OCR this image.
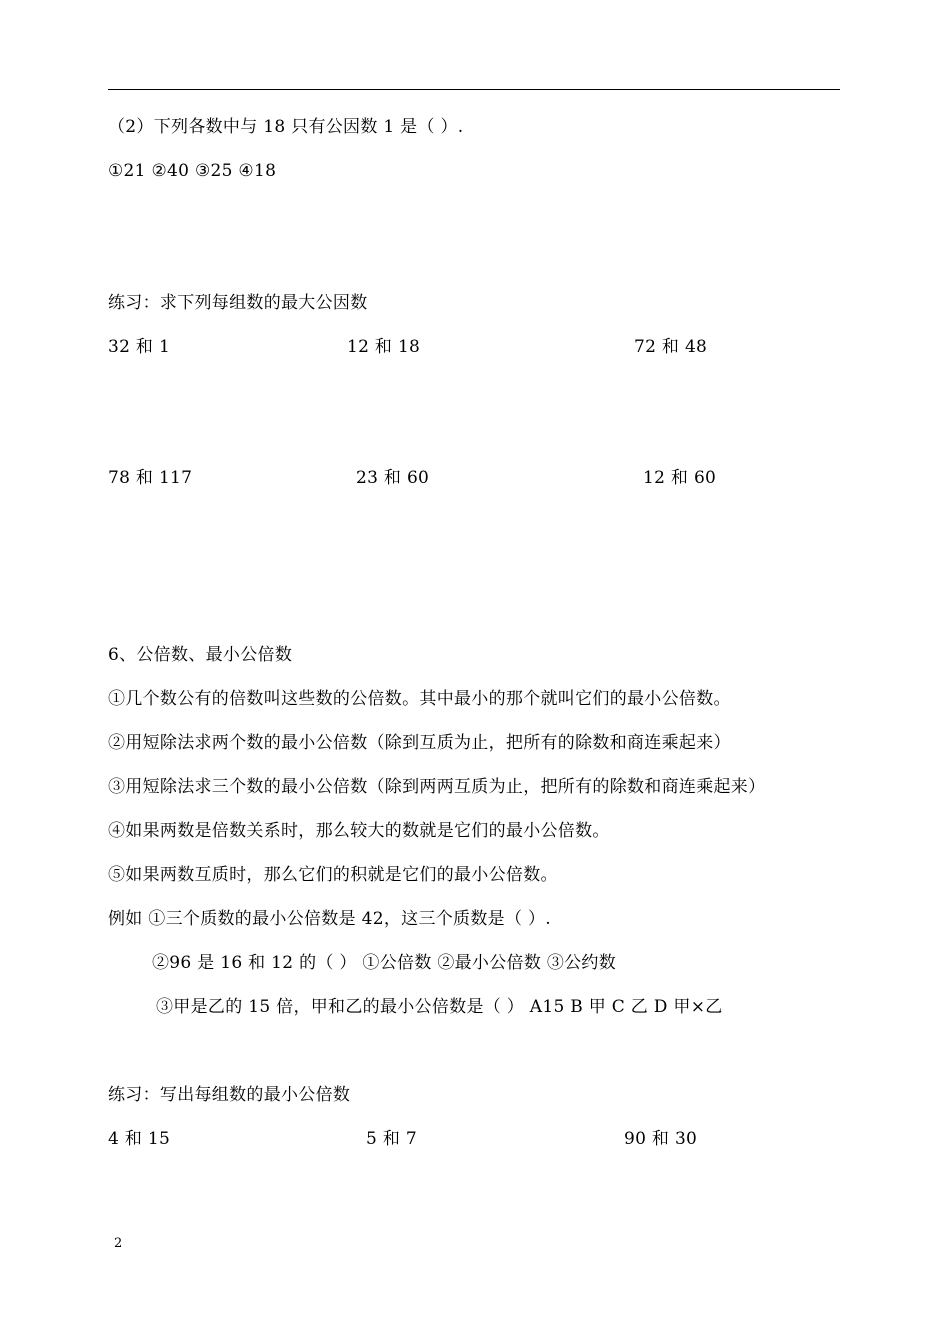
（2）下列各数中与 18 只有公因数 1 是（ ）.
①21 ②40 ③25 ④18
练习：求下列每组数的最大公因数
32 和 1	12 和 18	72 和 48
78 和 117	23 和 60	12 和 60
6、公倍数、最小公倍数
①几个数公有的倍数叫这些数的公倍数。其中最小的那个就叫它们的最小公倍数。
②用短除法求两个数的最小公倍数（除到互质为止，把所有的除数和商连乘起来）
③用短除法求三个数的最小公倍数（除到两两互质为止，把所有的除数和商连乘起来）
④如果两数是倍数关系时，那么较大的数就是它们的最小公倍数。
⑤如果两数互质时，那么它们的积就是它们的最小公倍数。
例如 ①三个质数的最小公倍数是 42，这三个质数是（ ）.
②96 是 16 和 12 的（ ） ①公倍数 ②最小公倍数 ③公约数
③甲是乙的 15 倍，甲和乙的最小公倍数是（ ） A15 B 甲 C 乙 D 甲×乙
练习：写出每组数的最小公倍数
4 和 15	5 和 7	90 和 30
2
